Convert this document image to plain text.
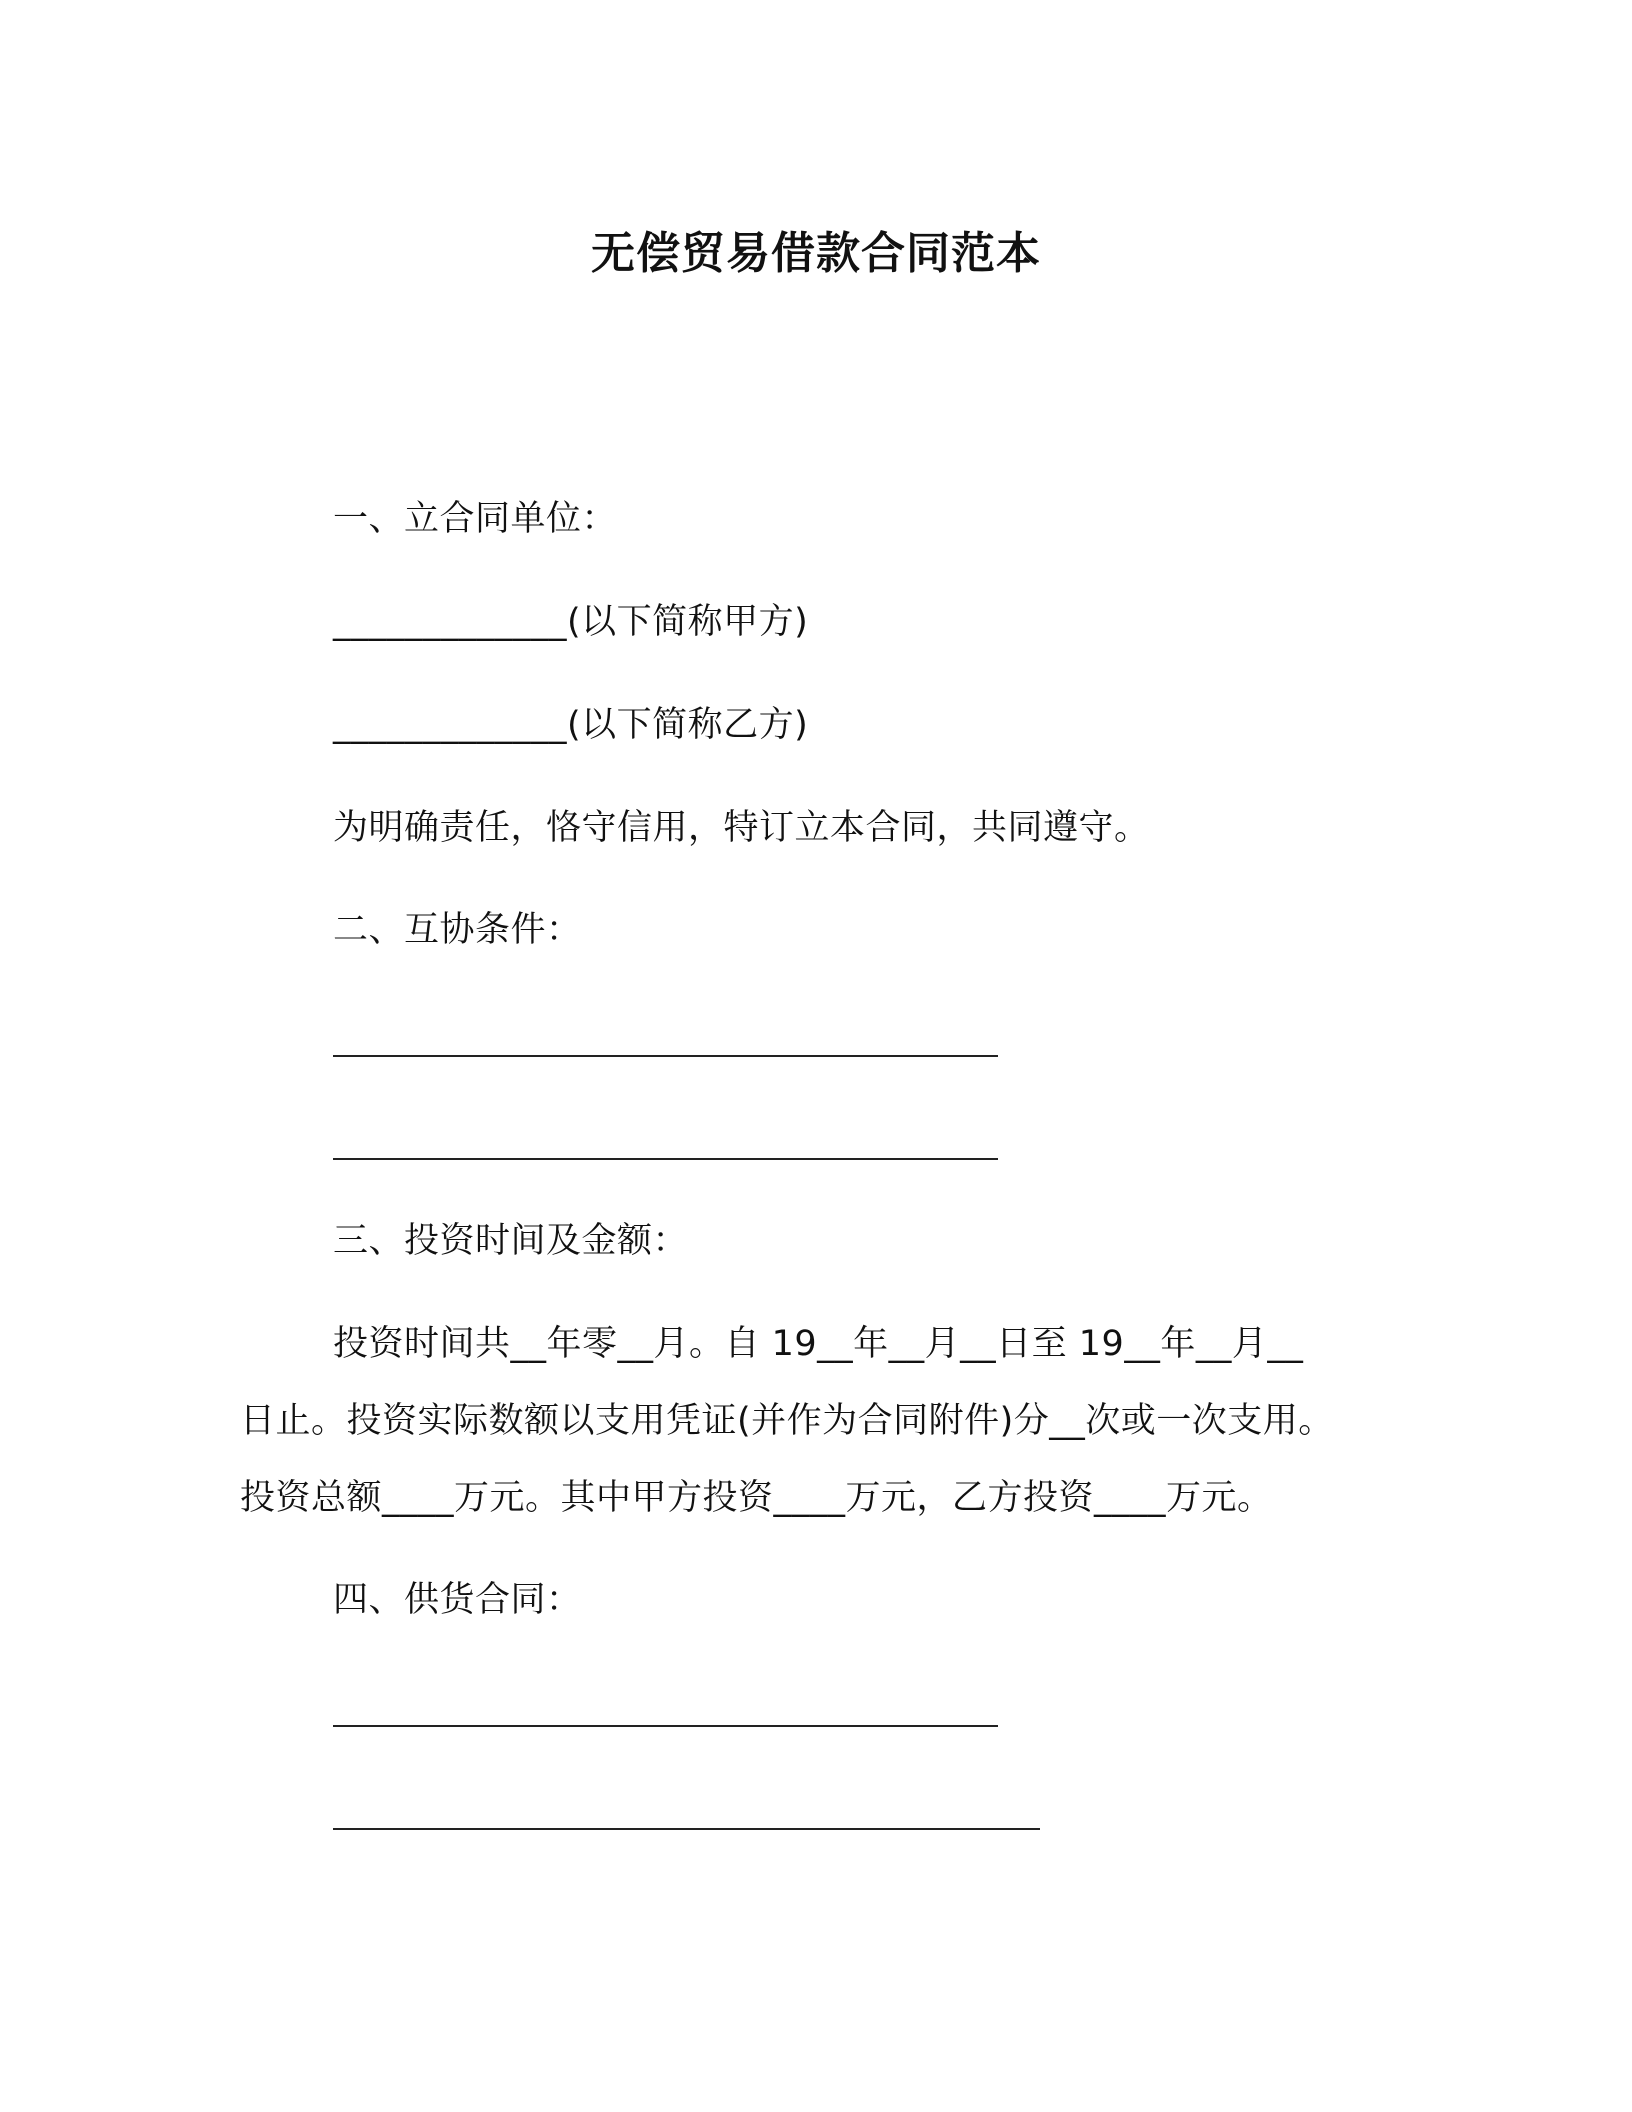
无偿贸易借款合同范本
一、立合同单位：
_____________(以下简称甲方)
_____________(以下简称乙方)
为明确责任，恪守信用，特订立本合同，共同遵守。
二、互协条件：
三、投资时间及金额：
投资时间共__年零__月。自 19__年__月__日至 19__年__月__
日止。投资实际数额以支用凭证(并作为合同附件)分__次或一次支用。
投资总额____万元。其中甲方投资____万元，乙方投资____万元。
四、供货合同：
